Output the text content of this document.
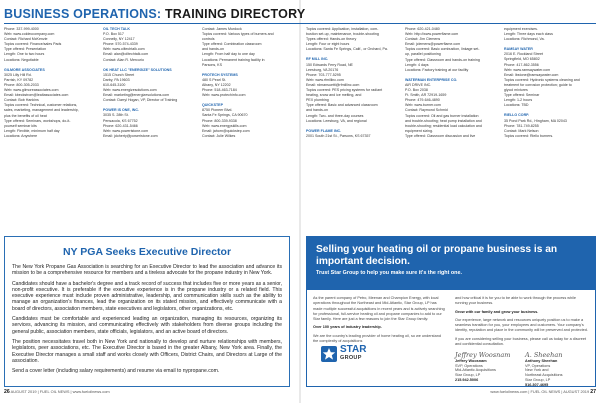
BUSINESS OPERATIONS: TRAINING DIRECTORY
Phone: 337-999-4000
Web: www.coldeccompany.com
Contact: Richard McKenzie
Topics covered: Finance/sales Pads
Type offered: Presentation
Length: One to two hours
Locations: Negotiable
GILMORE ASSOCIATES
3025 Lilly Hill Rd.
Parrish, KY 09782
Phone: 800-305-2033
Web: www.gilmoreassociates.com
Email: kbeckstrom@lealtassociates.com
Contact: Bob Hankins
Topics covered: Technical, customer relations,
sales, marketing, management and leadership,
plus the benefits of oil heat
Type offered: Seminars, workshops, do-it-
yourself seminar kits
Length: Flexible, minimum half day
Locations: Anywhere
OIL TECH TALK
P.O. Box 517
Connelly, NY 12417
Phone: 570-574-4339
Web: www.oiltechtalk.com
Email: alan@oiltechtalk.com
Contact: Alan R. Mercurio
OK HEAT LLC "ENERGIZE" SOLUTIONS
1515 Church Street
Darby, PA 19603
610-645-3100
Web: www.energizesolutions.com
Email: marketing@energizesolutions.com
Contact: Darryl Hogan, VP, Director of Training
POWER IS ONE, INC.
3035 S. 28th St.
Pensacola, KS 67752
Phone: 620-431-5466
Web: www.poweristone.com
Email: jdoherty@poweristone.com
Contact: James Murdock
Topics covered: Various types of burners and
controls
Type offered: Combination classroom
and hands-on
Length: From half day to one day
Locations: Permanent training facility in
Parsons, KS
PROTECH SYSTEMS
480 S Pearl St.
Albany, NY 12202
Phone: 518-463-7184
Web: www.protechinfo.com
QUICKSTEP
8750 Pioneer Blvd.
Santa Fe Springs, CA 90670
Phone: 800-339-9338
Web: www.energyskills.com
Email: jahorn@quickstep.com
Contact: Julie Wilkes
Topics covered: Application, installation, com-
bustion set-up, maintenance, trouble-shooting
Types offered: Hands-on theory
Length: Four or eight hours
Locations: Santa Fe Springs, Calif., or Orchard, Pa.
RF MILL INC.
150 Edwards Ferry Road, NE
Leesburg, VA 20176
Phone: 703-777-5295
Web: www.rfmillinc.com
Email: rdmansuetti@rfmillinc.com
Topics covered: PES pricing systems for radiant
heating, snow and ice melting, and
PEX plumbing
Type offered: Basic and advanced classroom
and hands-on
Length: Two- and three-day courses
Locations: Leesburg, VA, and regional
POWER FLAME INC.
2001 South 21st St., Parsons, KS 67357
Phone: 620-421-0480
Web: http://www.powerflame.com
Contact: Jim Clemens
Email: jclemens@powerflame.com
Topics covered: Basic combustion, linkage set-
up, parallel positioning
Type offered: Classroom and hands-on training
Length: 4 days
Locations: Factory training at our facility
WATERMAN ENTERPRISE CO.
AIR DRIVE INC.
P.O. Box 2038
Ft. Smith, AR 72919-1659
Phone: 479-646-4890
Web: www.burner.com
Contact: Raymond Schmid
Topics covered: Oil and gas burner installation
and trouble-shooting; heat pump installation and
trouble-shooting; residential load calculation and
equipment sizing.
Type offered: Classroom discussion and live
equipment exercises.
Length: Three days each class
Locations: Richmond, Va.
RAMSAY WATER
2016 E. Rockland Street
Springfield, MO 65802
Phone: 417-862-3556
Web: www.ramsaywater.com
Email: lbstone@ramsaywater.com
Topics covered: Hydronic systems cleaning and
treatment for corrosion protection; guide to
glycol mixtures
Type offered: Seminar
Length: 1-2 hours
Locations: TBD
RIELLO CORP.
35 Pond Park Rd., Hingham, MA 02043
Phone: 781-749-8255
Contact: Mark Nelson
Topics covered: Riello burners.
NY PGA Seeks Executive Director

The New York Propane Gas Association is searching for an Executive Director to lead the association and advance its mission to be a comprehensive resource for members and a tireless advocate for the propane industry in New York.

Candidates should have a bachelor's degree and a track record of success that includes five or more years as a senior, non-profit executive. It is preferable if the executive experience is in the propane industry or a related field. This executive experience must include proven administrative, leadership, and communication skills such as the ability to manage an organization's finances, lead the organization on its stated mission, and effectively communicate with a board of directors, association members, state executives and legislators, other organizations, etc.

Candidates must be comfortable and experienced leading an organization, managing its resources, organizing its services, advancing its mission, and communicating effectively with stakeholders from diverse groups including the general public, association members, state officials, legislators, and an active board of directors.

The position necessitates travel both in New York and nationally to develop and nurture relationships with members, legislators, peer associations, etc. The Executive Director is based in the greater Albany, New York area. Finally, the Executive Director manages a small staff and works closely with Officers, District Chairs, and Directors at Large of the association.

Send a cover letter (including salary requirements) and resume via email to nypropane.com.

Selling your heating oil or propane business is an important decision.
Trust Star Group to help you make sure it's the right one.

As the parent company of Petro, Meenan and Champion Energy, with local operations throughout the Northeast and Mid-Atlantic, Star Group, LP has made multiple successful acquisitions in recent years and is actively searching for professional, full-service heating oil and propane companies to add to our Star family. Here are just a few reasons to join the Star Group family:

Over 100 years of industry leadership.

We are the country's leading provider of home heating oil, so we understand the complexity of acquisitions

and how critical it is for you to be able to work through the process while running your business.

Grow with our family and grow your business.

Our experience, large network and resources uniquely position us to make a seamless transition for you, your employees and customers. Your company's identity, reputation and place in the community will be preserved and protected.

If you are considering selling your business, please call us today for a discreet and confidential consultation.

STAR
GROUP	Jeffrey Woosnam
Jeffrey Woosnam
SVP, Operations
Mid-Atlantic Acquisitions
Star Group, LP
215.942.5006
A. Sheehan
Anthony Sheehan
VP, Operations
New York and
Northeast Acquisitions
Star Group, LP
516.307.4695
26 AUGUST 2019 | FUEL OIL NEWS | www.fueloilnews.com	www.fueloilnews.com | FUEL OIL NEWS | AUGUST 2019 27
